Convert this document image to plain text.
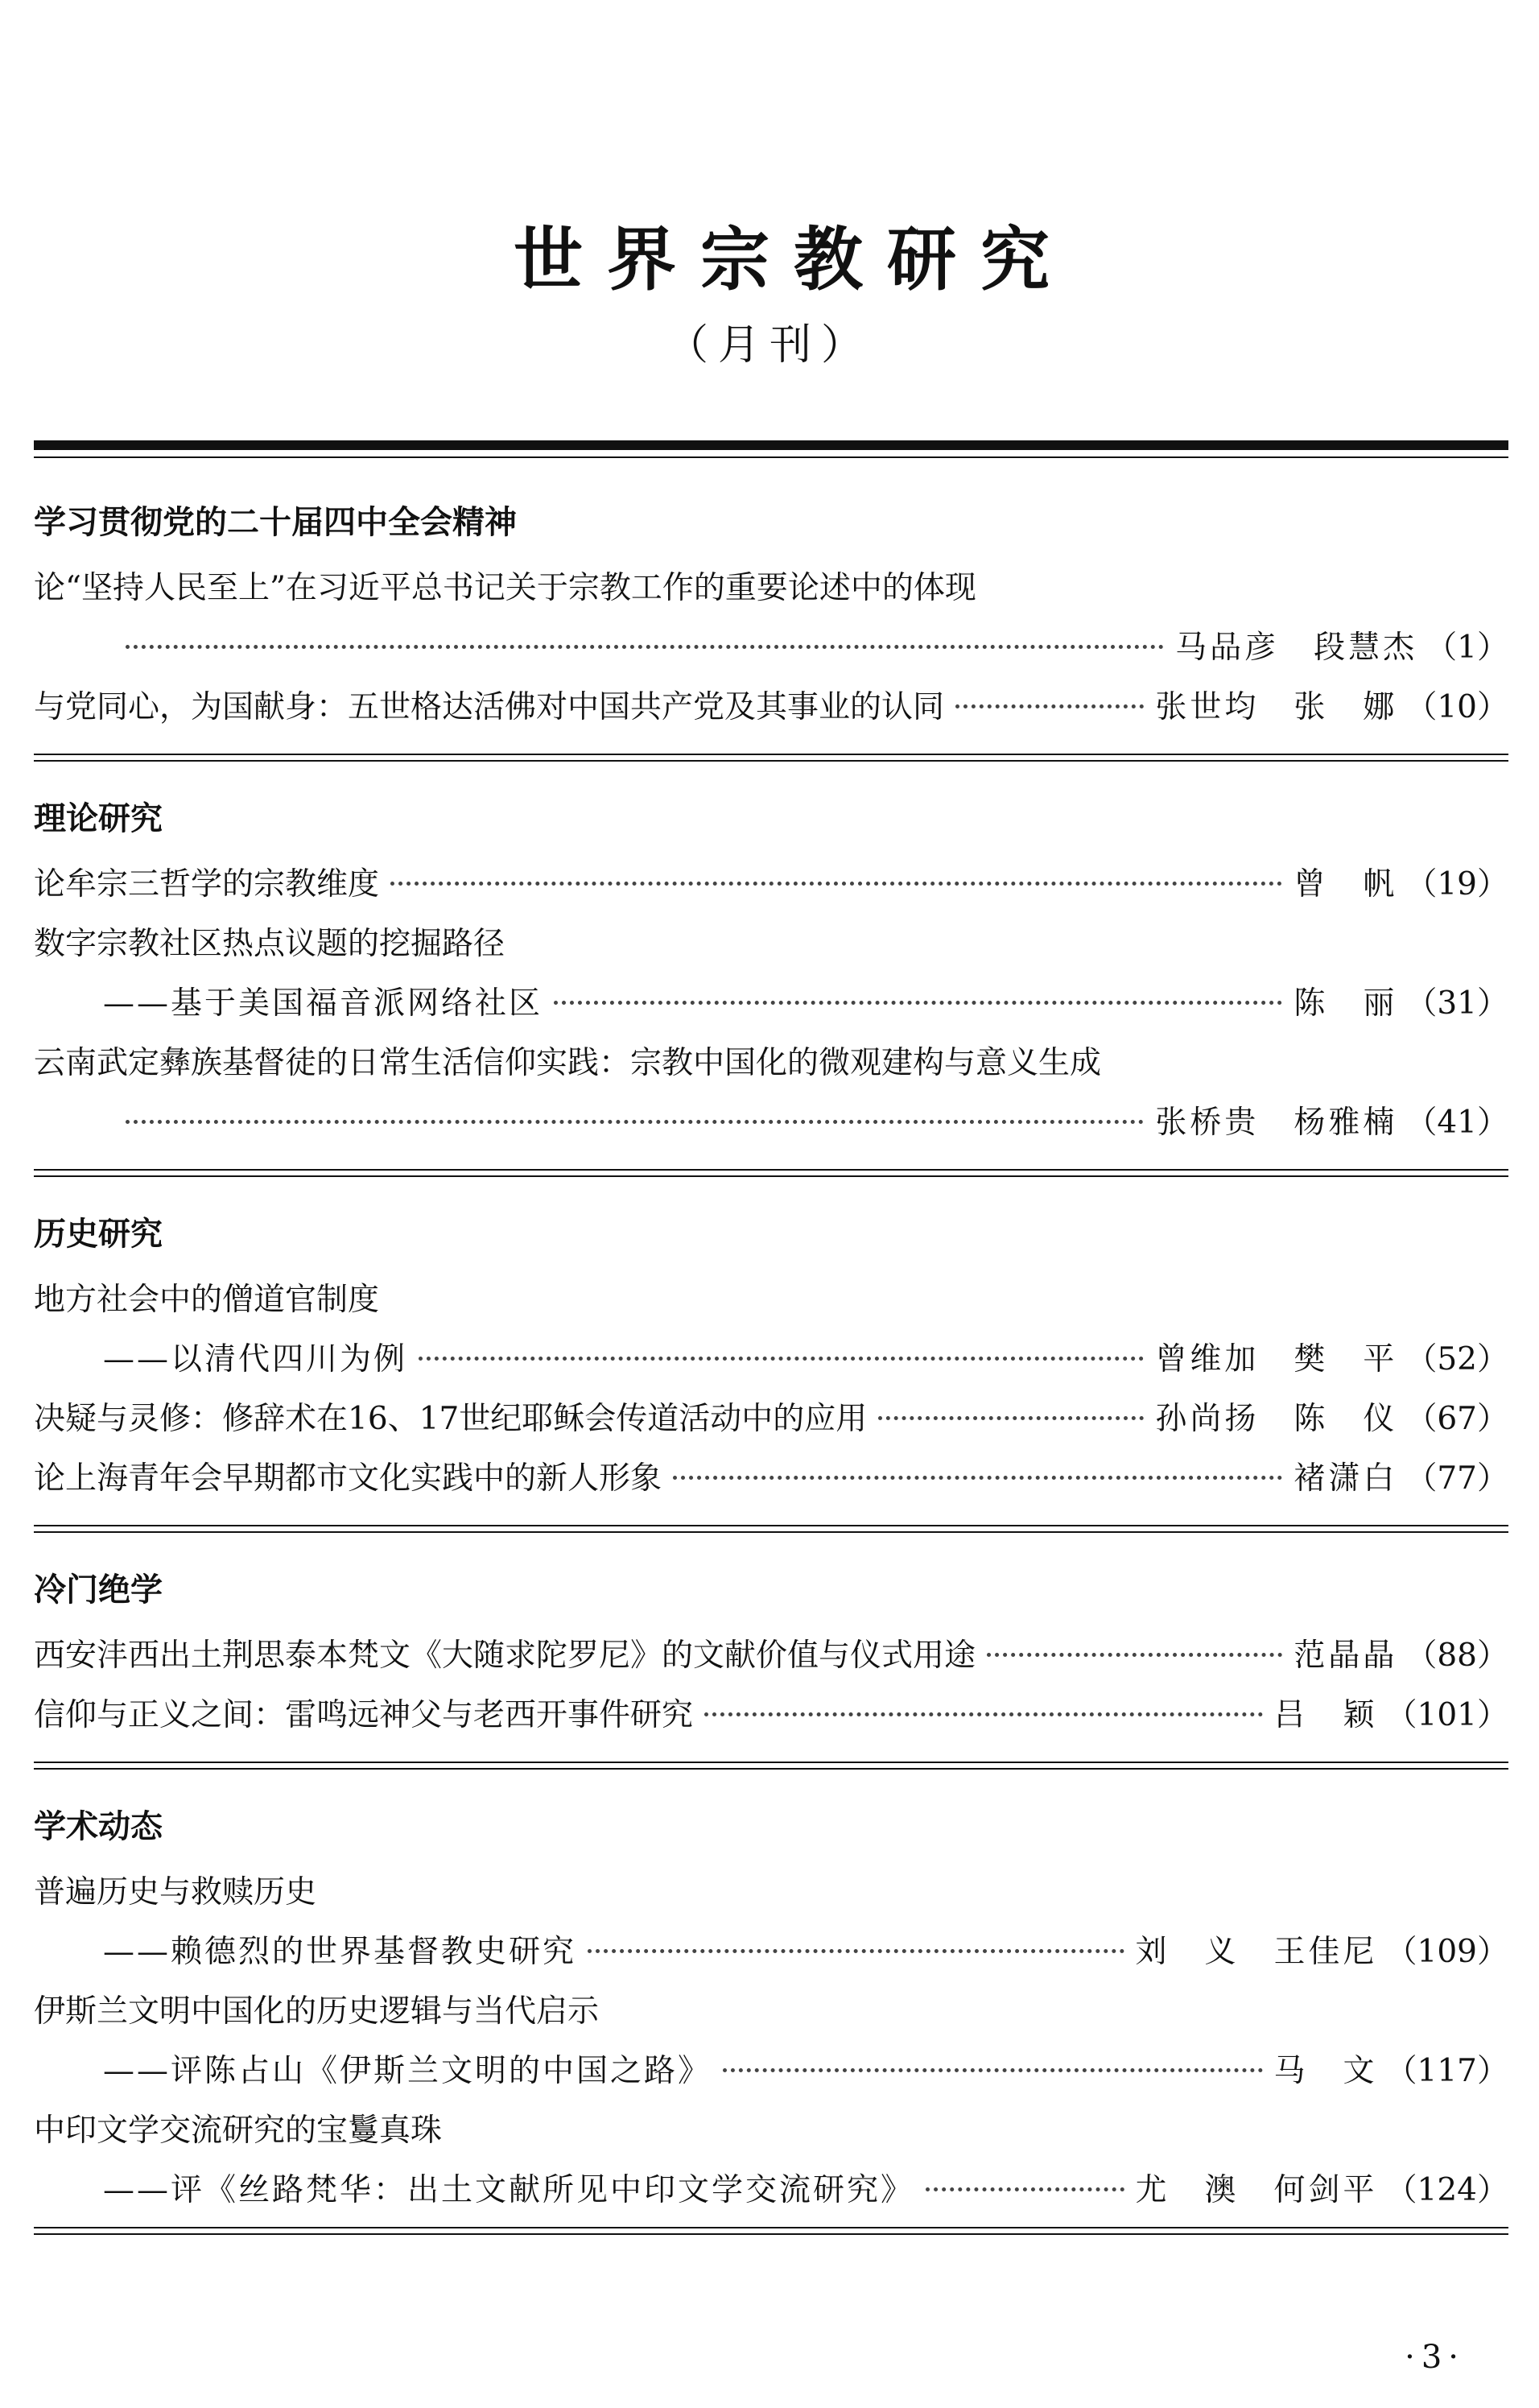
世界宗教研究
（月刊）
学习贯彻党的二十届四中全会精神
论“坚持人民至上”在习近平总书记关于宗教工作的重要论述中的体现
马品彦　段慧杰 （1）
与党同心，为国献身：五世格达活佛对中国共产党及其事业的认同	张世均　张　娜 （10）
理论研究
论牟宗三哲学的宗教维度	曾　帆 （19）
数字宗教社区热点议题的挖掘路径
——基于美国福音派网络社区	陈　丽 （31）
云南武定彝族基督徒的日常生活信仰实践：宗教中国化的微观建构与意义生成
张桥贵　杨雅楠 （41）
历史研究
地方社会中的僧道官制度
——以清代四川为例	曾维加　樊　平 （52）
决疑与灵修：修辞术在16、17世纪耶稣会传道活动中的应用	孙尚扬　陈　仪 （67）
论上海青年会早期都市文化实践中的新人形象	褚潇白 （77）
冷门绝学
西安沣西出土荆思泰本梵文《大随求陀罗尼》的文献价值与仪式用途	范晶晶 （88）
信仰与正义之间：雷鸣远神父与老西开事件研究	吕　颖 （101）
学术动态
普遍历史与救赎历史
——赖德烈的世界基督教史研究	刘　义　王佳尼 （109）
伊斯兰文明中国化的历史逻辑与当代启示
——评陈占山《伊斯兰文明的中国之路》	马　文 （117）
中印文学交流研究的宝鬘真珠
——评《丝路梵华：出土文献所见中印文学交流研究》	尤　澳　何剑平 （124）
·3·
